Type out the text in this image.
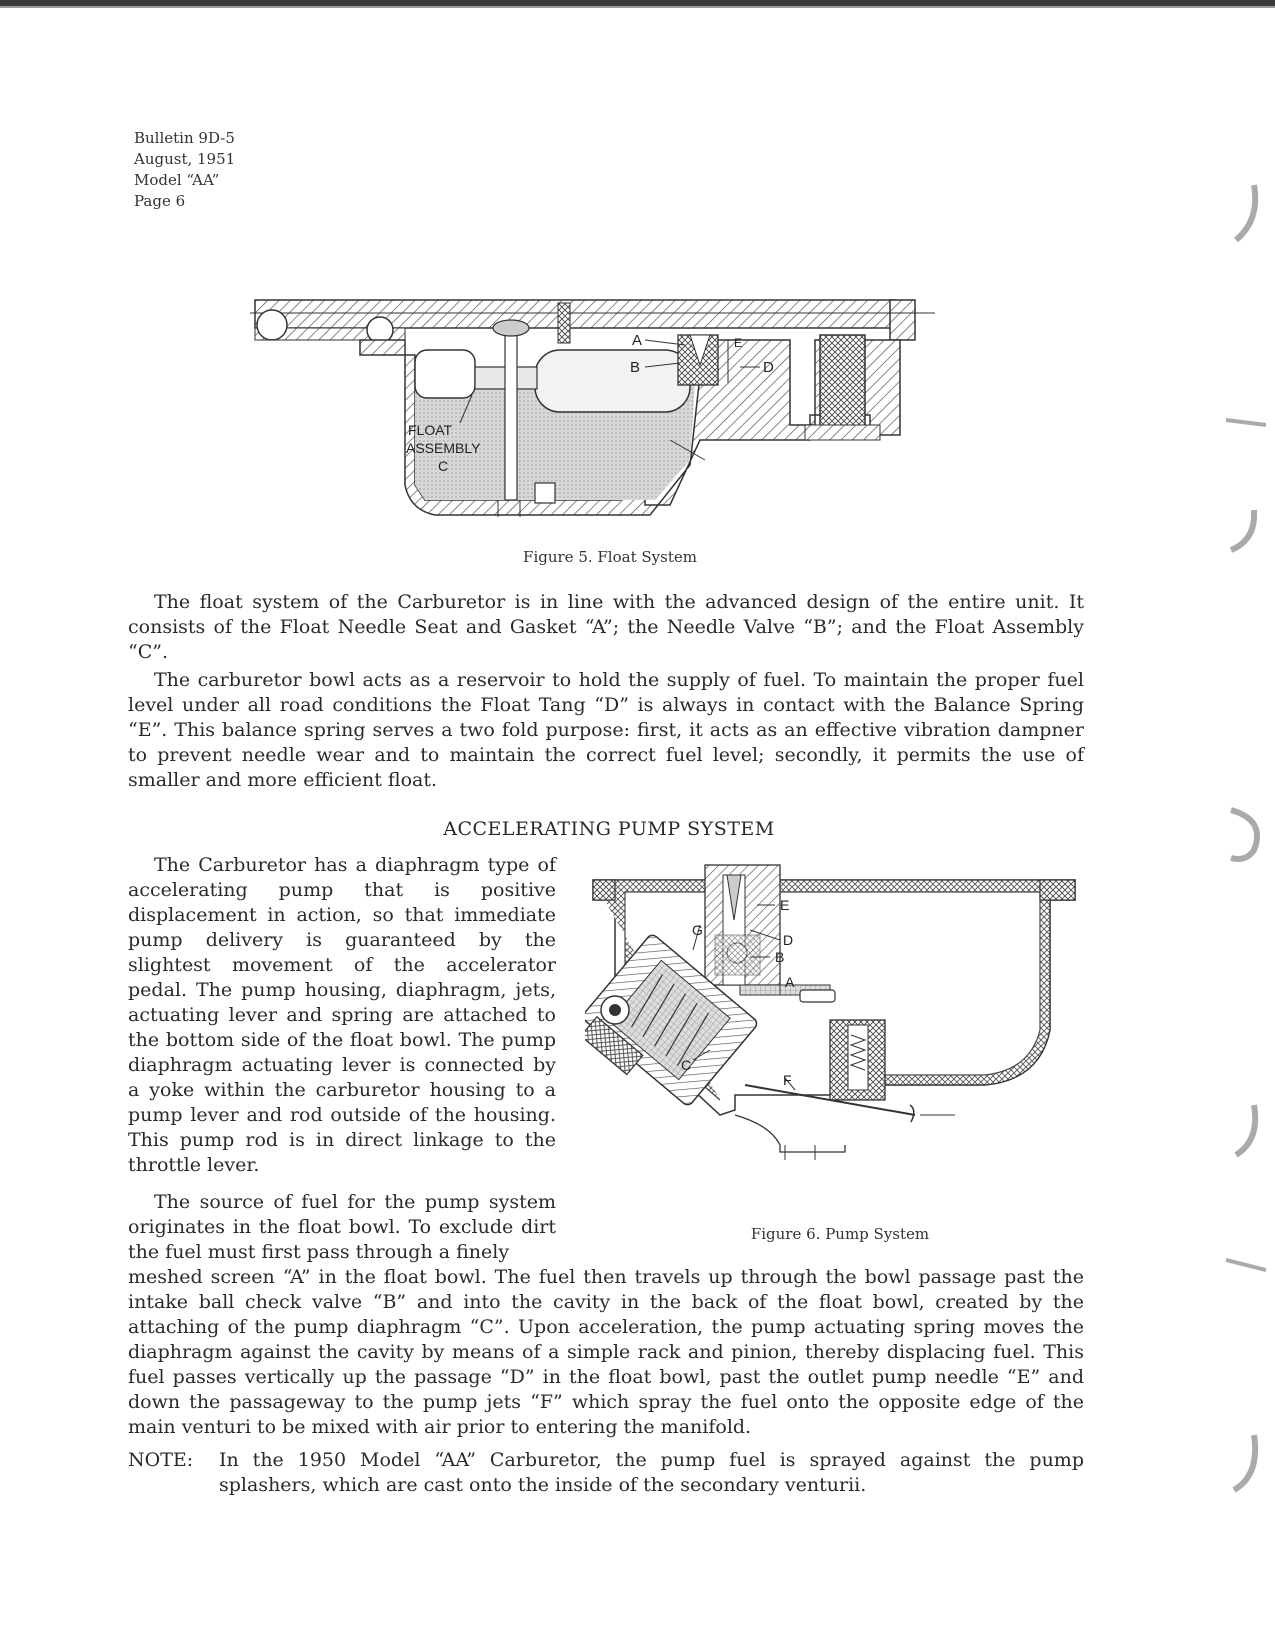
Bulletin 9D-5
August, 1951
Model “AA”
Page 6
A
B
E
D
FLOAT
ASSEMBLY
C
Figure 5. Float System

The float system of the Carburetor is in line with the advanced design of the entire unit. It consists of the Float Needle Seat and Gasket “A”; the Needle Valve “B”; and the Float Assembly “C”.

The carburetor bowl acts as a reservoir to hold the supply of fuel. To maintain the proper fuel level under all road conditions the Float Tang “D” is always in contact with the Balance Spring “E”. This balance spring serves a two fold purpose: first, it acts as an effective vibration dampner to prevent needle wear and to maintain the correct fuel level; secondly, it permits the use of smaller and more efficient float.

ACCELERATING PUMP SYSTEM

The Carburetor has a diaphragm type of accelerating pump that is positive displacement in action, so that immediate pump delivery is guaranteed by the slightest movement of the accelerator pedal. The pump housing, diaphragm, jets, actuating lever and spring are attached to the bottom side of the float bowl. The pump diaphragm actuating lever is connected by a yoke within the carburetor housing to a pump lever and rod outside of the housing. This pump rod is in direct linkage to the throttle lever.

The source of fuel for the pump system originates in the float bowl. To exclude dirt the fuel must first pass through a finely

meshed screen “A” in the float bowl. The fuel then travels up through the bowl passage past the intake ball check valve “B” and into the cavity in the back of the float bowl, created by the attaching of the pump diaphragm “C”. Upon acceleration, the pump actuating spring moves the diaphragm against the cavity by means of a simple rack and pinion, thereby displacing fuel. This fuel passes vertically up the passage “D” in the float bowl, past the outlet pump needle “E” and down the passageway to the pump jets “F” which spray the fuel onto the opposite edge of the main venturi to be mixed with air prior to entering the manifold.

E
D
B
A
G
C
F
Figure 6. Pump System
NOTE: In the 1950 Model “AA” Carburetor, the pump fuel is sprayed against the pump splashers, which are cast onto the inside of the secondary venturii.
